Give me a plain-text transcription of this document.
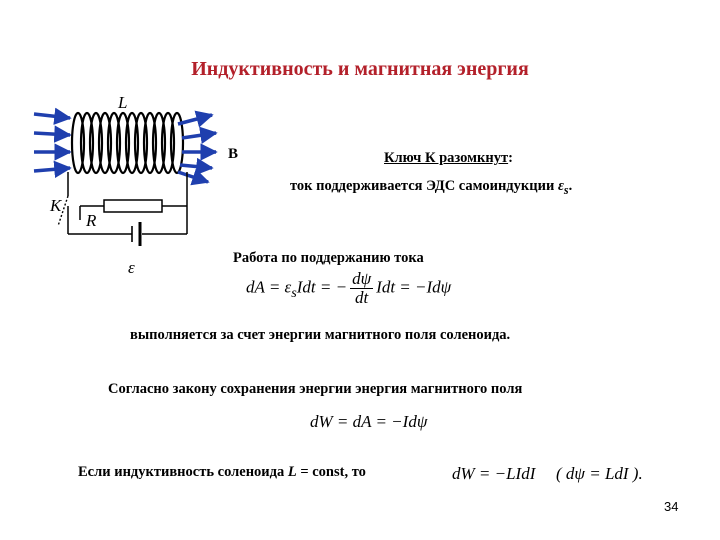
Индуктивность и магнитная энергия
L
B
K
R
ε
Ключ К разомкнут:
ток поддерживается ЭДС самоиндукции $\varepsilon_s$.
Работа по поддержанию тока
dA = $\varepsilon_sIdt$ = − $\frac{d\psi}{dt}$ Idt = −Idψ
выполняется за счет энергии магнитного поля соленоида.
Согласно закону сохранения энергии энергия магнитного поля
dW = dA = −Idψ
Если индуктивность соленоида L = const, то	dW = −LIdI ( dψ = LdI ).
34
